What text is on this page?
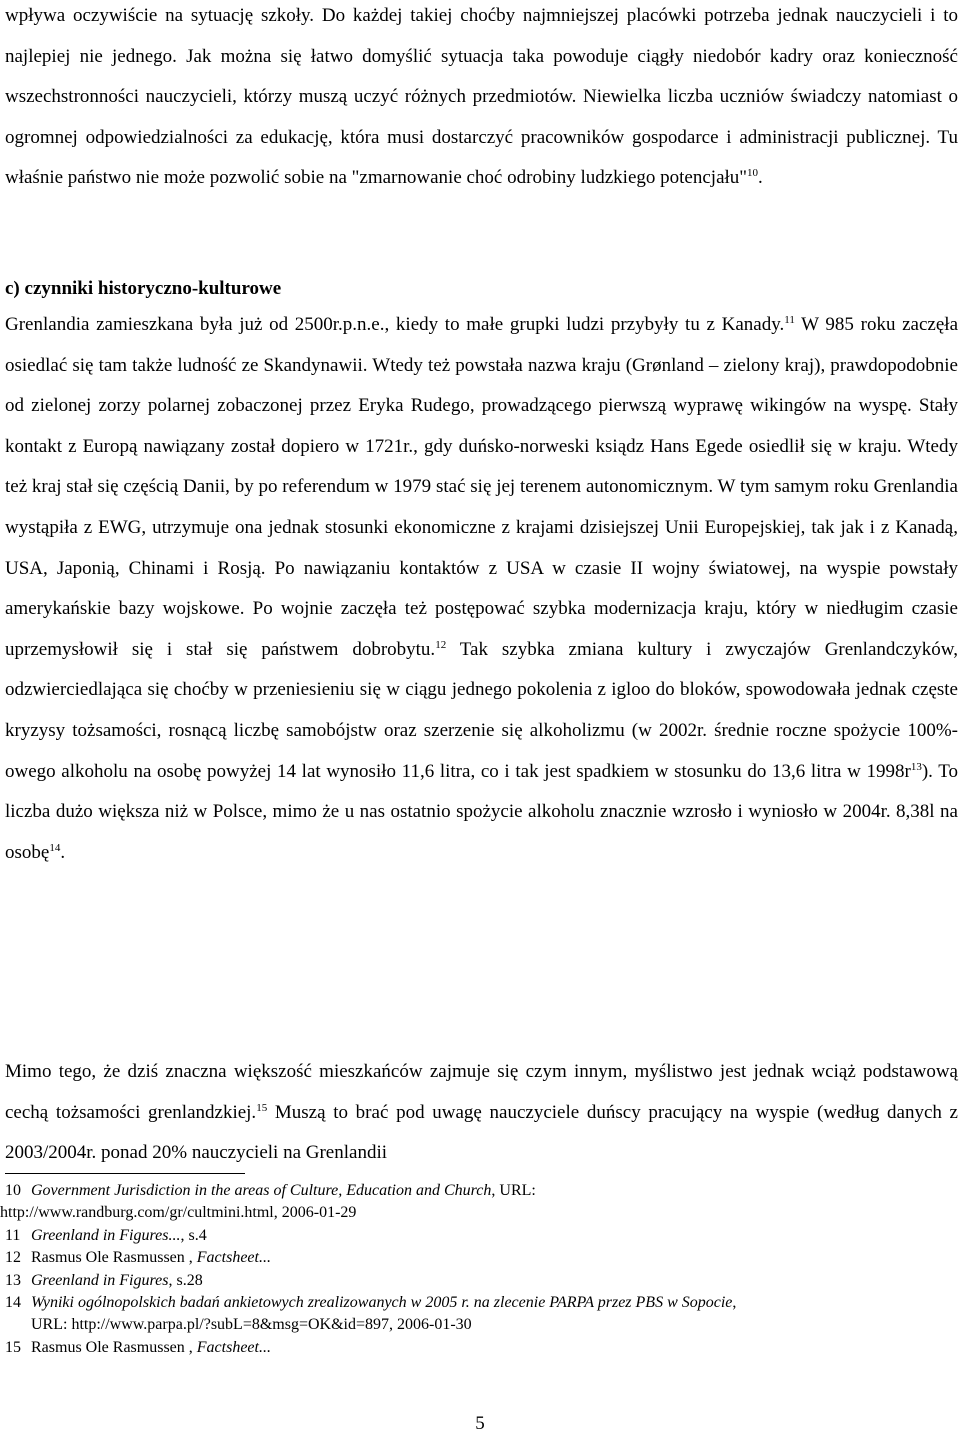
wpływa oczywiście na sytuację szkoły. Do każdej takiej choćby najmniejszej placówki potrzeba jednak nauczycieli i to najlepiej nie jednego. Jak można się łatwo domyślić sytuacja taka powoduje ciągły niedobór kadry oraz konieczność wszechstronności nauczycieli, którzy muszą uczyć różnych przedmiotów. Niewielka liczba uczniów świadczy natomiast o ogromnej odpowiedzialności za edukację, która musi dostarczyć pracowników gospodarce i administracji publicznej. Tu właśnie państwo nie może pozwolić sobie na "zmarnowanie choć odrobiny ludzkiego potencjału"$^{10}$.

c) czynniki historyczno-kulturowe

Grenlandia zamieszkana była już od 2500r.p.n.e., kiedy to małe grupki ludzi przybyły tu z Kanady.$^{11}$ W 985 roku zaczęła osiedlać się tam także ludność ze Skandynawii. Wtedy też powstała nazwa kraju (Grønland – zielony kraj), prawdopodobnie od zielonej zorzy polarnej zobaczonej przez Eryka Rudego, prowadzącego pierwszą wyprawę wikingów na wyspę. Stały kontakt z Europą nawiązany został dopiero w 1721r., gdy duńsko-norweski ksiądz Hans Egede osiedlił się w kraju. Wtedy też kraj stał się częścią Danii, by po referendum w 1979 stać się jej terenem autonomicznym. W tym samym roku Grenlandia wystąpiła z EWG, utrzymuje ona jednak stosunki ekonomiczne z krajami dzisiejszej Unii Europejskiej, tak jak i z Kanadą, USA, Japonią, Chinami i Rosją. Po nawiązaniu kontaktów z USA w czasie II wojny światowej, na wyspie powstały amerykańskie bazy wojskowe. Po wojnie zaczęła też postępować szybka modernizacja kraju, który w niedługim czasie uprzemysłowił się i stał się państwem dobrobytu.$^{12}$ Tak szybka zmiana kultury i zwyczajów Grenlandczyków, odzwierciedlająca się choćby w przeniesieniu się w ciągu jednego pokolenia z igloo do bloków, spowodowała jednak częste kryzysy tożsamości, rosnącą liczbę samobójstw oraz szerzenie się alkoholizmu (w 2002r. średnie roczne spożycie 100%-owego alkoholu na osobę powyżej 14 lat wynosiło 11,6 litra, co i tak jest spadkiem w stosunku do 13,6 litra w $1998r^{13}$). To liczba dużo większa niż w Polsce, mimo że u nas ostatnio spożycie alkoholu znacznie wzrosło i wyniosło w 2004r. 8,38l na osobę$^{14}$.

Mimo tego, że dziś znaczna większość mieszkańców zajmuje się czym innym, myślistwo jest jednak wciąż podstawową cechą tożsamości grenlandzkiej.$^{15}$ Muszą to brać pod uwagę nauczyciele duńscy pracujący na wyspie (według danych z 2003/2004r. ponad 20% nauczycieli na Grenlandii

10 Government Jurisdiction in the areas of Culture, Education and Church, URL:
http://www.randburg.com/gr/cultmini.html, 2006-01-29
11 Greenland in Figures..., s.4
12 Rasmus Ole Rasmussen , Factsheet...
13 Greenland in Figures, s.28
14 Wyniki ogólnopolskich badań ankietowych zrealizowanych w 2005 r. na zlecenie PARPA przez PBS w Sopocie,
URL: http://www.parpa.pl/?subL=8&msg=OK&id=897, 2006-01-30
15 Rasmus Ole Rasmussen , Factsheet...
5
